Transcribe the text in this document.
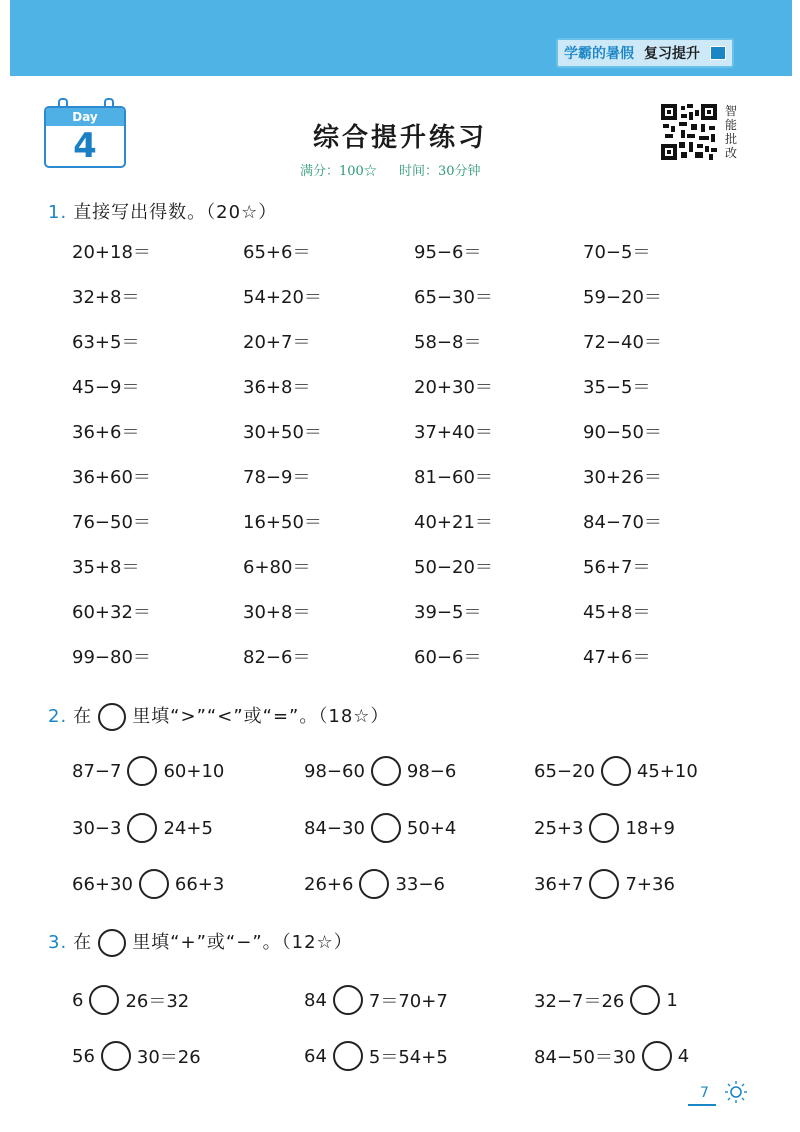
学霸的暑假 复习提升
Day
4	综合提升练习
满分：100☆ 时间：30分钟
智
能
批
改
1. 直接写出得数。（20☆）
20+18＝	65+6＝	95−6＝	70−5＝
32+8＝	54+20＝	65−30＝	59−20＝
63+5＝	20+7＝	58−8＝	72−40＝
45−9＝	36+8＝	20+30＝	35−5＝
36+6＝	30+50＝	37+40＝	90−50＝
36+60＝	78−9＝	81−60＝	30+26＝
76−50＝	16+50＝	40+21＝	84−70＝
35+8＝	6+80＝	50−20＝	56+7＝
60+32＝	30+8＝	39−5＝	45+8＝
99−80＝	82−6＝	60−6＝	47+6＝
2. 在 里填“>”“<”或“=”。（18☆）
87−7 60+10	98−60 98−6	65−20 45+10
30−3 24+5	84−30 50+4	25+3 18+9
66+30 66+3	26+6 33−6	36+7 7+36
3. 在 里填“+”或“−”。（12☆）
6 26＝32	84 7＝70+7	32−7＝26 1
56 30＝26	64 5＝54+5	84−50＝30 4
7
